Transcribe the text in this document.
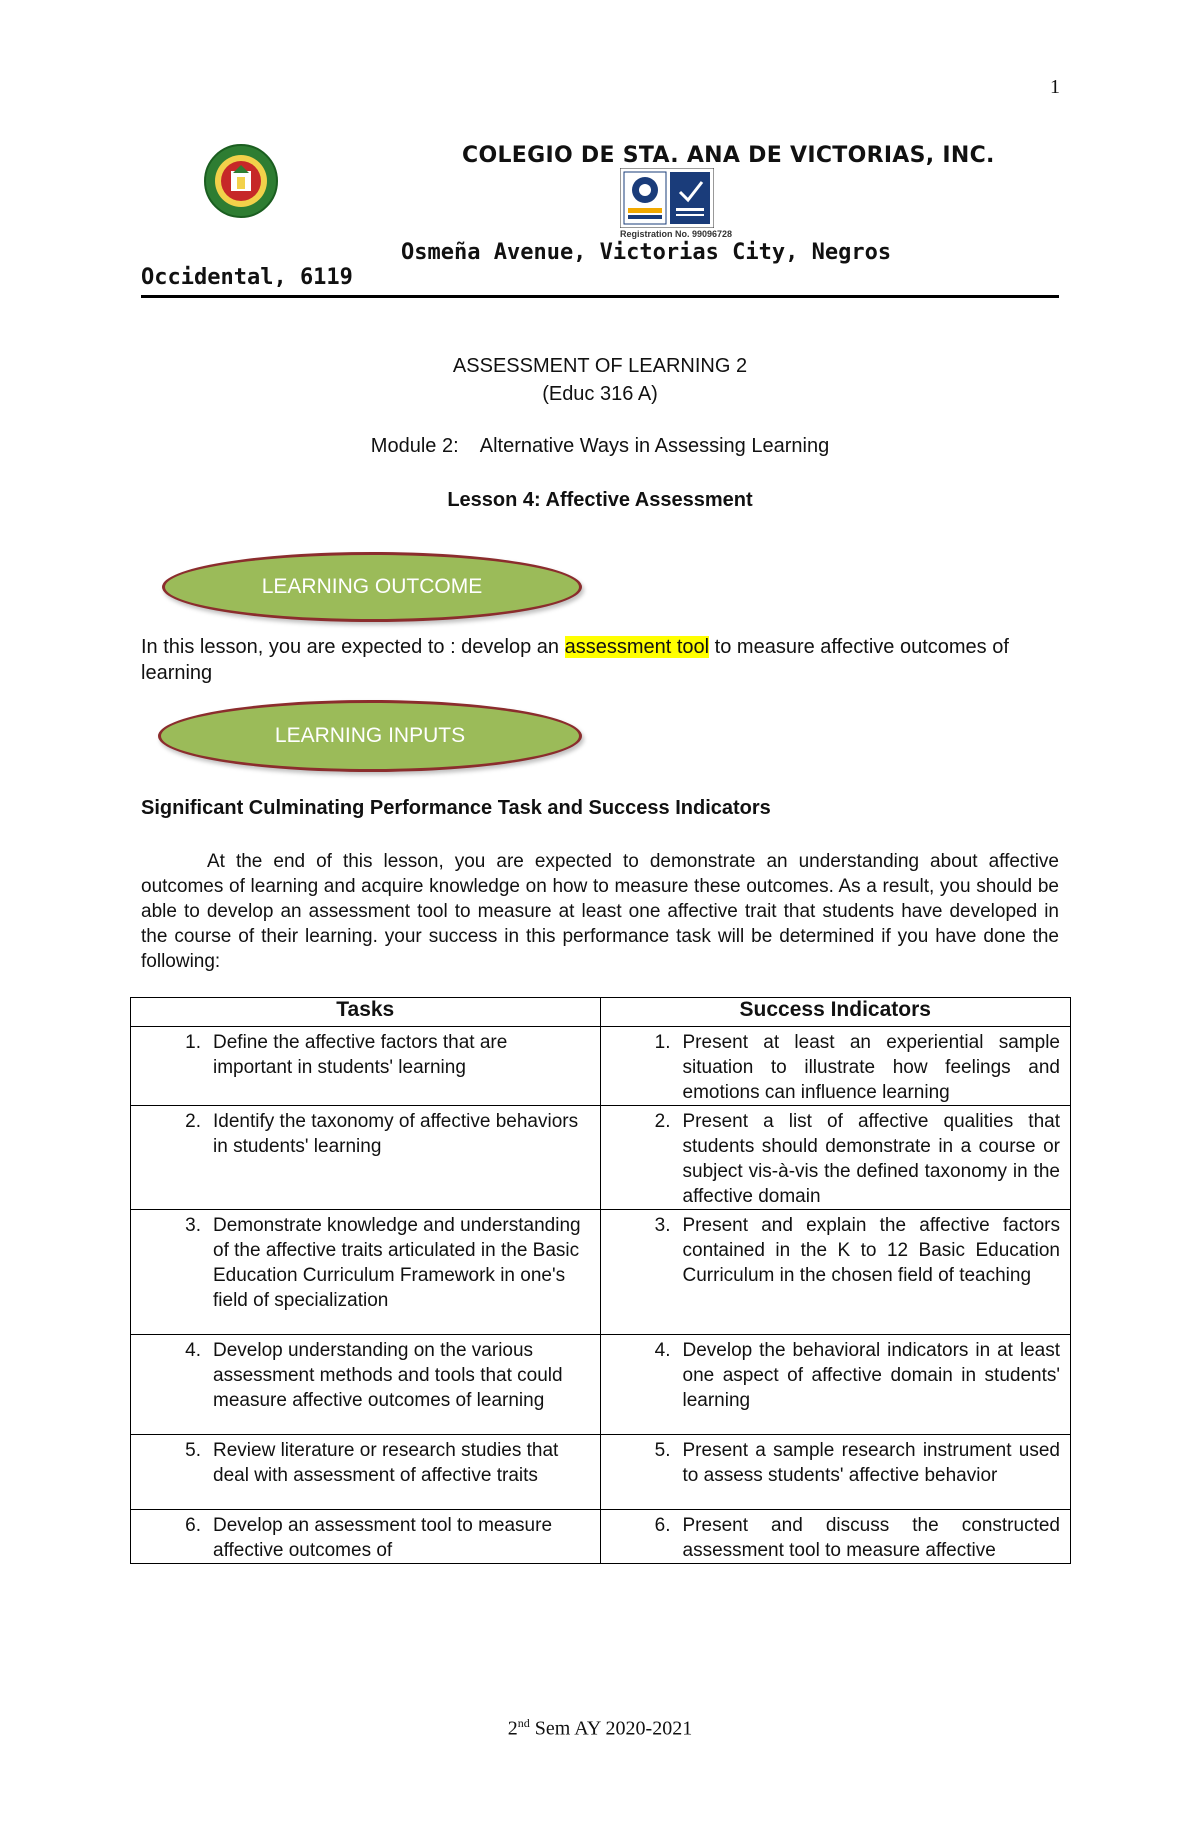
1
COLEGIO DE STA. ANA DE VICTORIAS, INC.
Registration No. 99096728
Osmeña Avenue, Victorias City, Negros
Occidental, 6119
ASSESSMENT OF LEARNING 2
(Educ 316 A)
Module 2:    Alternative Ways in Assessing Learning
Lesson 4: Affective Assessment
LEARNING OUTCOME
In this lesson, you are expected to : develop an assessment tool to measure affective outcomes of learning
LEARNING INPUTS
Significant Culminating Performance Task and Success Indicators
At the end of this lesson, you are expected to demonstrate an understanding about affective outcomes of learning and acquire knowledge on how to measure these outcomes. As a result, you should be able to develop an assessment tool to measure at least one affective trait that students have developed in the course of their learning. your success in this performance task will be determined if you have done the following:
Tasks	Success Indicators

1. Define the affective factors that are important in students' learning	1. Present at least an experiential sample situation to illustrate how feelings and emotions can influence learning

2. Identify the taxonomy of affective behaviors in students' learning	2. Present a list of affective qualities that students should demonstrate in a course or subject vis-à-vis the defined taxonomy in the affective domain

3. Demonstrate knowledge and understanding of the affective traits articulated in the Basic Education Curriculum Framework in one's field of specialization	3. Present and explain the affective factors contained in the K to 12 Basic Education Curriculum in the chosen field of teaching

4. Develop understanding on the various assessment methods and tools that could measure affective outcomes of learning	4. Develop the behavioral indicators in at least one aspect of affective domain in students' learning

5. Review literature or research studies that deal with assessment of affective traits	5. Present a sample research instrument used to assess students' affective behavior

6. Develop an assessment tool to measure affective outcomes of	6. Present and discuss the constructed assessment tool to measure affective
2nd Sem AY 2020-2021
